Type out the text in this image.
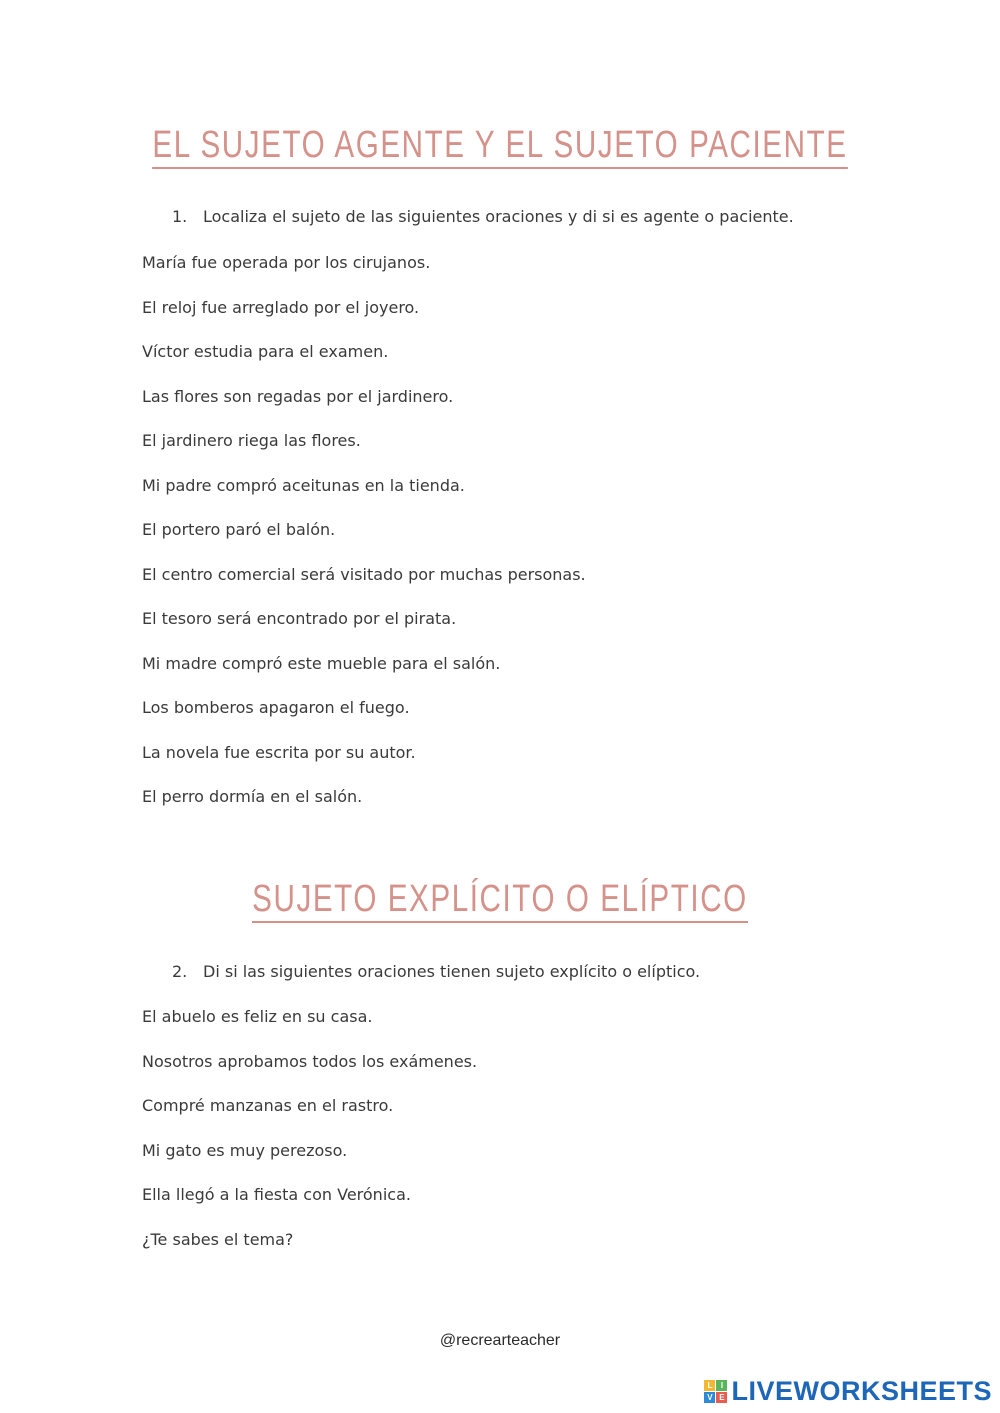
EL SUJETO AGENTE Y EL SUJETO PACIENTE
1. Localiza el sujeto de las siguientes oraciones y di si es agente o paciente.
María fue operada por los cirujanos.
El reloj fue arreglado por el joyero.
Víctor estudia para el examen.
Las flores son regadas por el jardinero.
El jardinero riega las flores.
Mi padre compró aceitunas en la tienda.
El portero paró el balón.
El centro comercial será visitado por muchas personas.
El tesoro será encontrado por el pirata.
Mi madre compró este mueble para el salón.
Los bomberos apagaron el fuego.
La novela fue escrita por su autor.
El perro dormía en el salón.
SUJETO EXPLÍCITO O ELÍPTICO
2. Di si las siguientes oraciones tienen sujeto explícito o elíptico.
El abuelo es feliz en su casa.
Nosotros aprobamos todos los exámenes.
Compré manzanas en el rastro.
Mi gato es muy perezoso.
Ella llegó a la fiesta con Verónica.
¿Te sabes el tema?
@recrearteacher
L	I
V E LIVEWORKSHEETS
